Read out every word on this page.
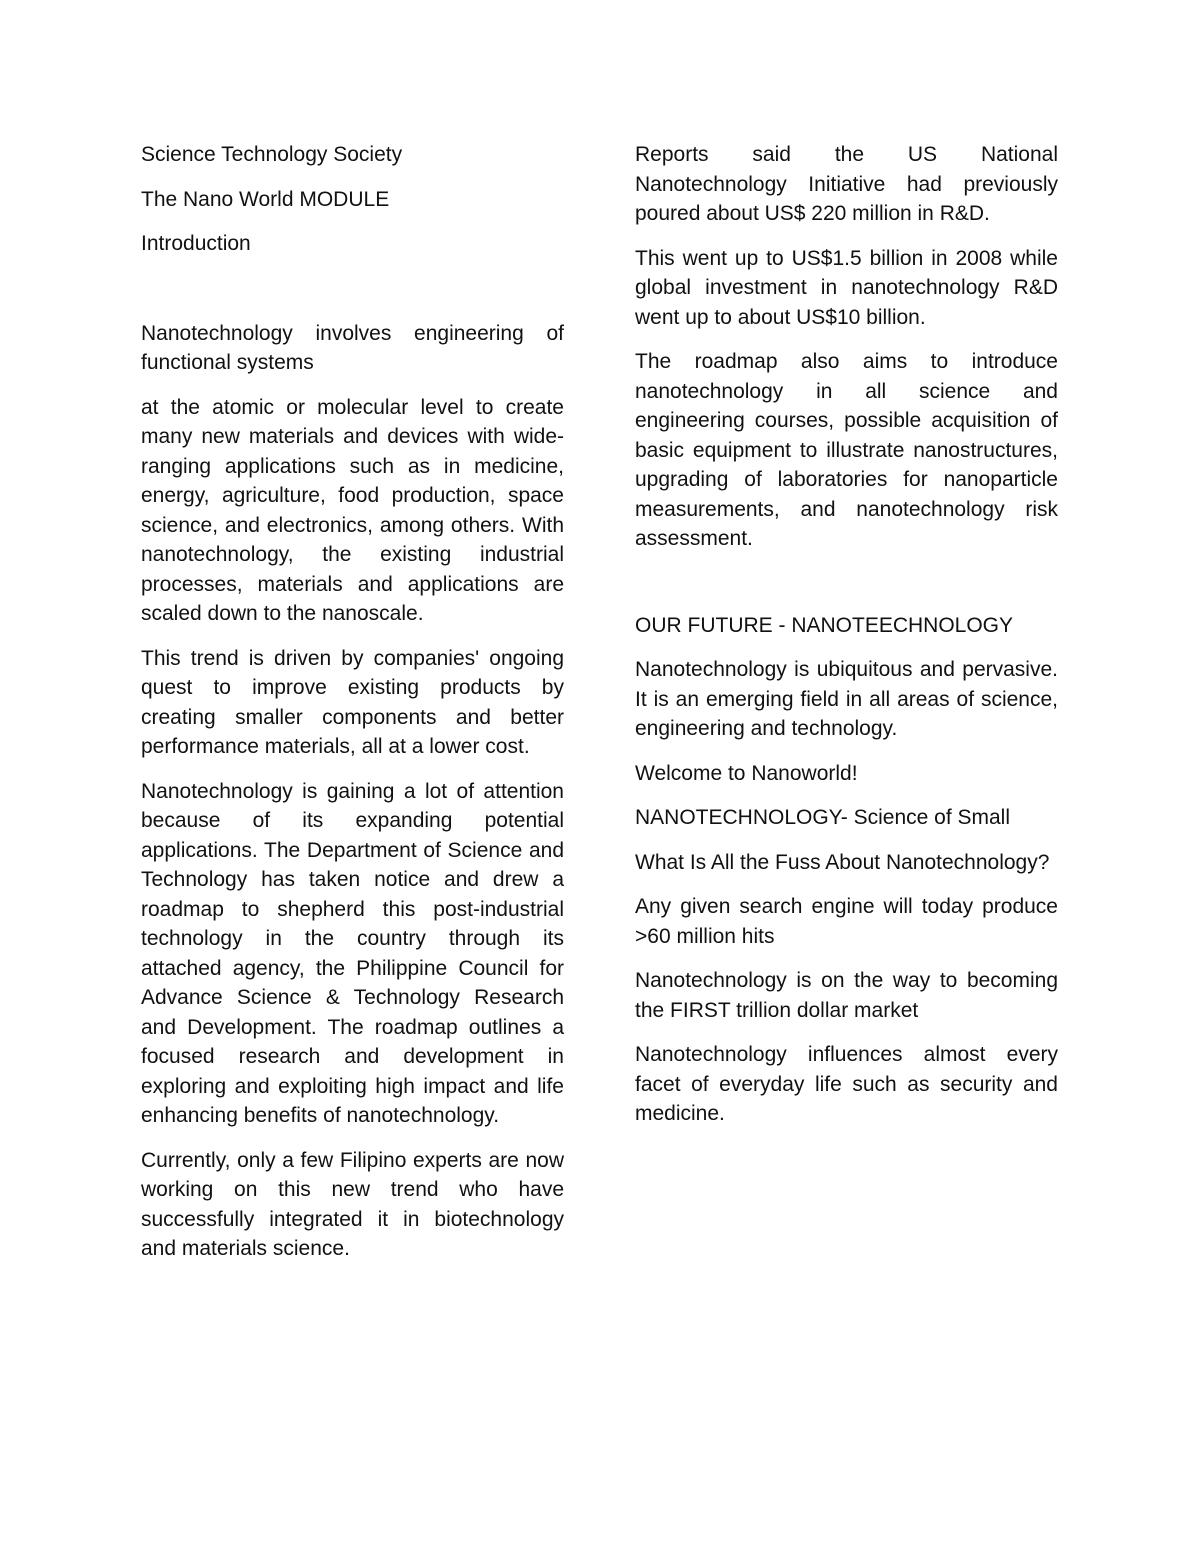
Science Technology Society

The Nano World MODULE

Introduction

Nanotechnology involves engineering of functional systems

at the atomic or molecular level to create many new materials and devices with wide-ranging applications such as in medicine, energy, agriculture, food production, space science, and electronics, among others. With nanotechnology, the existing industrial processes, materials and applications are scaled down to the nanoscale.

This trend is driven by companies' ongoing quest to improve existing products by creating smaller components and better performance materials, all at a lower cost.

Nanotechnology is gaining a lot of attention because of its expanding potential applications. The Department of Science and Technology has taken notice and drew a roadmap to shepherd this post-industrial technology in the country through its attached agency, the Philippine Council for Advance Science & Technology Research and Development. The roadmap outlines a focused research and development in exploring and exploiting high impact and life enhancing benefits of nanotechnology.

Currently, only a few Filipino experts are now working on this new trend who have successfully integrated it in biotechnology and materials science.

Reports said the US National Nanotechnology Initiative had previously poured about US$ 220 million in R&D.

This went up to US$1.5 billion in 2008 while global investment in nanotechnology R&D went up to about US$10 billion.

The roadmap also aims to introduce nanotechnology in all science and engineering courses, possible acquisition of basic equipment to illustrate nanostructures, upgrading of laboratories for nanoparticle measurements, and nanotechnology risk assessment.

OUR FUTURE - NANOTEECHNOLOGY

Nanotechnology is ubiquitous and pervasive. It is an emerging field in all areas of science, engineering and technology.

Welcome to Nanoworld!

NANOTECHNOLOGY- Science of Small

What Is All the Fuss About Nanotechnology?

Any given search engine will today produce >60 million hits

Nanotechnology is on the way to becoming the FIRST trillion dollar market

Nanotechnology influences almost every facet of everyday life such as security and medicine.
